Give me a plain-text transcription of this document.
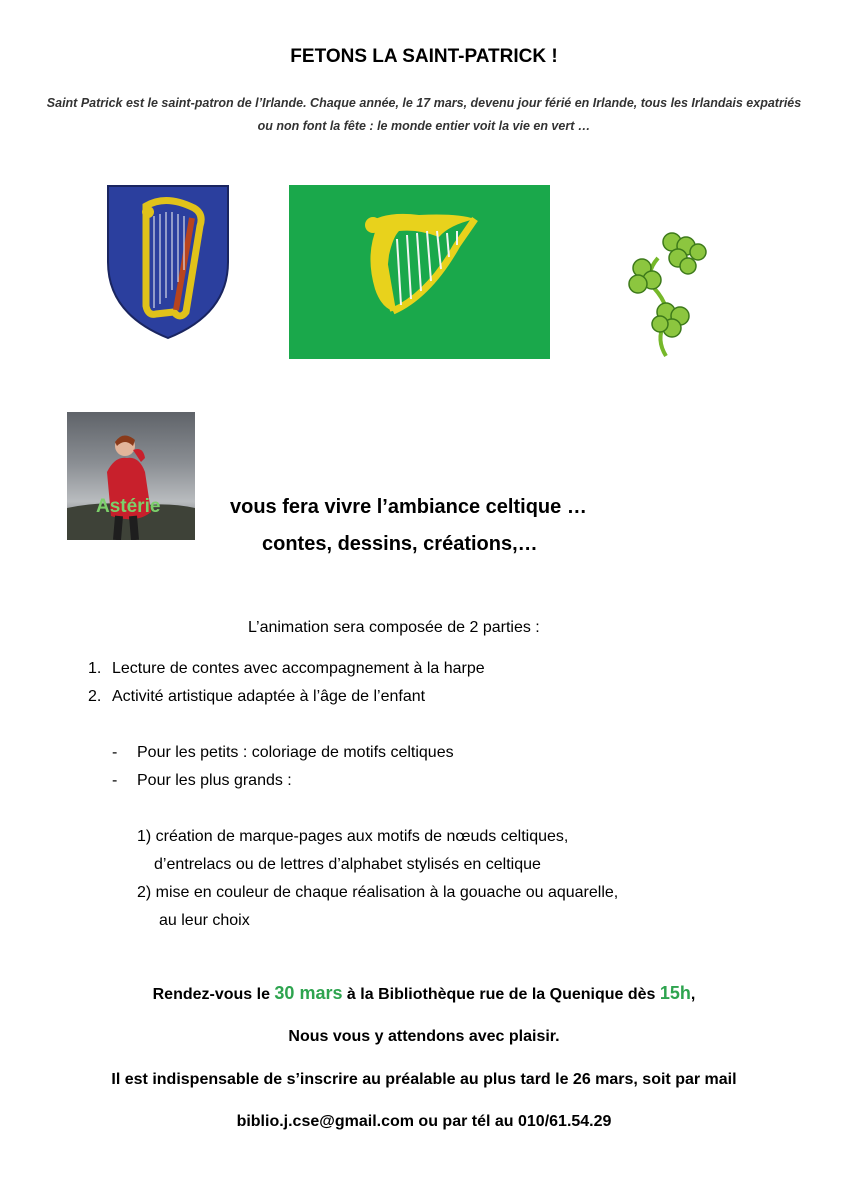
FETONS LA SAINT-PATRICK !
Saint Patrick est le saint-patron de l’Irlande. Chaque année, le 17 mars, devenu jour férié en Irlande, tous les Irlandais expatriés ou non font la fête : le monde entier voit la vie en vert …
Astérie	vous fera vivre l’ambiance celtique …
contes, dessins, créations,…
L’animation sera composée de 2 parties :
1. Lecture de contes avec accompagnement à la harpe
2. Activité artistique adaptée à l’âge de l’enfant
- Pour les petits : coloriage de motifs celtiques
- Pour les plus grands :
1) création de marque-pages aux motifs de nœuds celtiques,
d’entrelacs ou de lettres d’alphabet stylisés en celtique
2) mise en couleur de chaque réalisation à la gouache ou aquarelle,
au leur choix
Rendez-vous le 30 mars à la Bibliothèque rue de la Quenique dès 15h,
Nous vous y attendons avec plaisir.
Il est indispensable de s’inscrire au préalable au plus tard le 26 mars, soit par mail
biblio.j.cse@gmail.com ou par tél au 010/61.54.29
